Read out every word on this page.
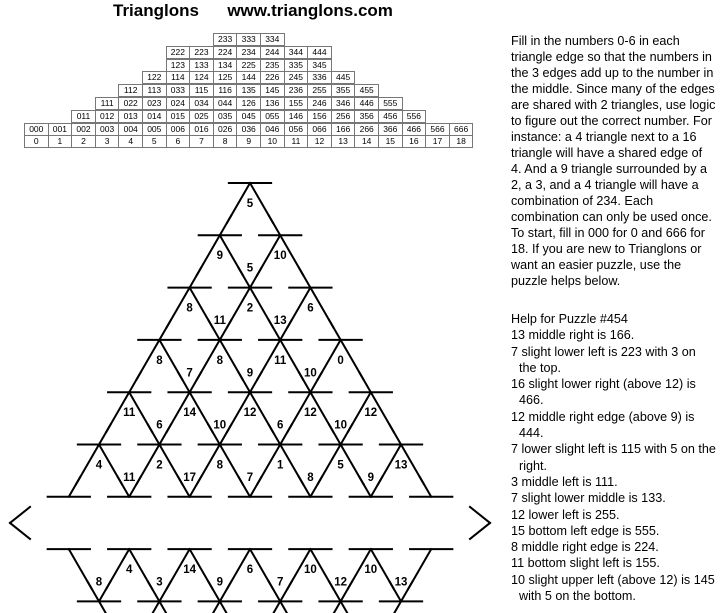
Trianglons www.trianglons.com
233	333	334
222	223	224	234	244	344	444
123	133	134	225	235	335	345
122	114	124	125	144	226	245	336	445
112	113	033	115	116	135	145	236	255	355	455
111	022	023	024	034	044	126	136	155	246	346	446	555
011	012	013	014	015	025	035	045	055	146	156	256	356	456	556
000	001	002	003	004	005	006	016	026	036	046	056	066	166	266	366	466	566	666
0	1	2	3	4	5	6	7	8	9	10	11	12	13	14	15	16	17	18
5
9
5
10
8
11
2
13
6
8
7
8
9
11
10
0
11
6
14
10
12
6
12
10
12
4
11
2
17
8
7
1
8
5
9
13
8
4
3
14
9
6
7
10
12
10
13
Fill in the numbers 0-6 in each triangle edge so that the numbers in the 3 edges add up to the number in the middle. Since many of the edges are shared with 2 triangles, use logic to figure out the correct number. For instance: a 4 triangle next to a 16 triangle will have a shared edge of 4. And a 9 triangle surrounded by a 2, a 3, and a 4 triangle will have a combination of 234. Each combination can only be used once. To start, fill in 000 for 0 and 666 for 18. If you are new to Trianglons or want an easier puzzle, use the puzzle helps below.
Help for Puzzle #454
13 middle right is 166.
7 slight lower left is 223 with 3 on the top.
16 slight lower right (above 12) is 466.
12 middle right edge (above 9) is 444.
7 lower slight left is 115 with 5 on the right.
3 middle left is 111.
7 slight lower middle is 133.
12 lower left is 255.
15 bottom left edge is 555.
8 middle right edge is 224.
11 bottom slight left is 155.
10 slight upper left (above 12) is 145 with 5 on the bottom.
